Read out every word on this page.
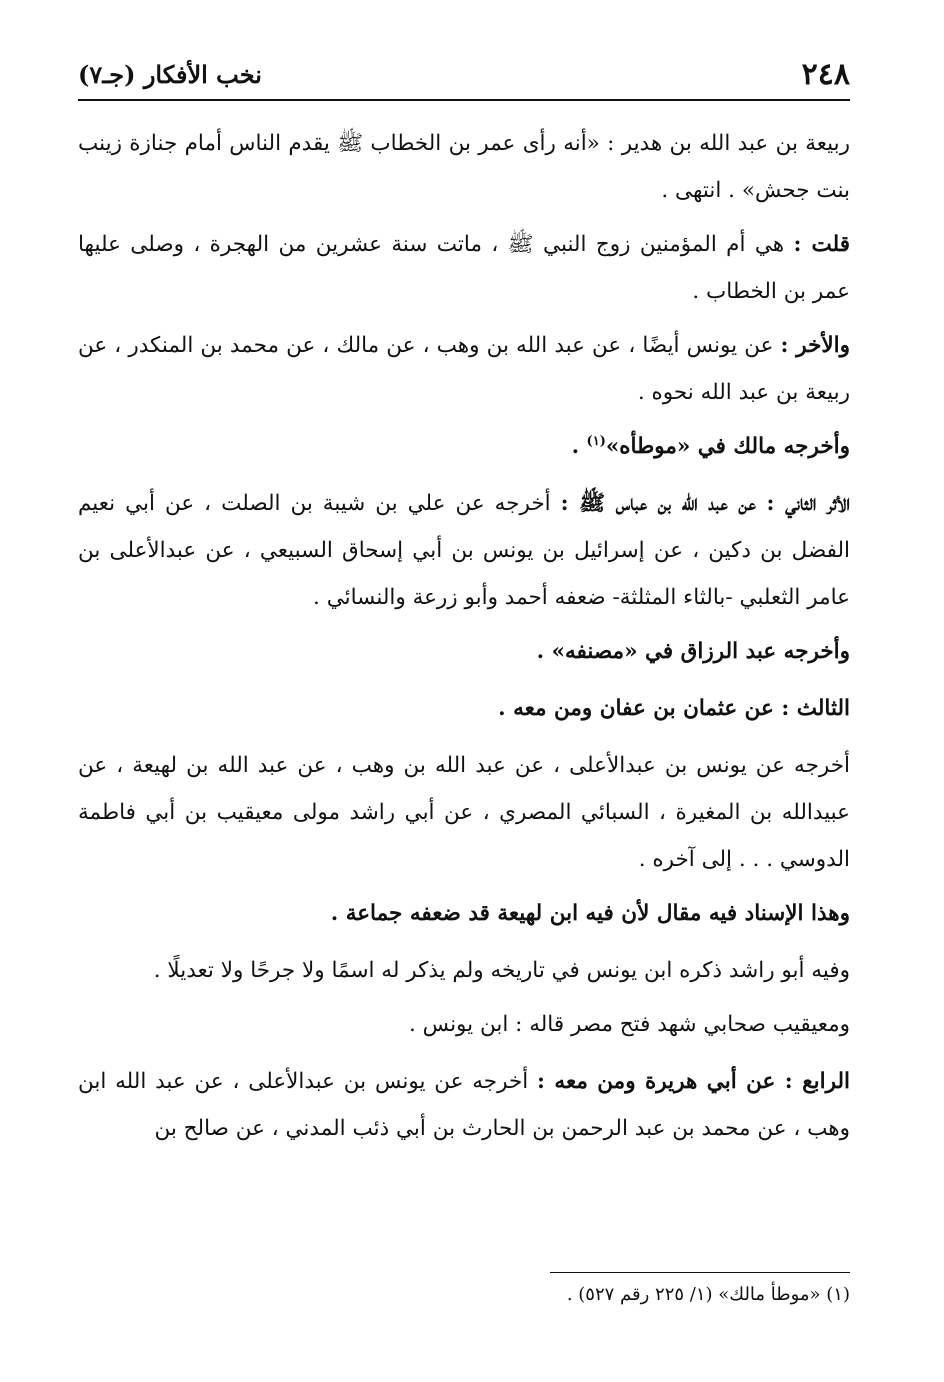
٢٤٨
نخب الأفكار (جـ٧)

ربيعة بن عبد الله بن هدير : «أنه رأى عمر بن الخطاب ﷺ يقدم الناس أمام جنازة زينب بنت جحش» . انتهى .

قلت : هي أم المؤمنين زوج النبي ﷺ ، ماتت سنة عشرين من الهجرة ، وصلى عليها عمر بن الخطاب .

والأخر : عن يونس أيضًا ، عن عبد الله بن وهب ، عن مالك ، عن محمد بن المنكدر ، عن ربيعة بن عبد الله نحوه .

وأخرجه مالك في «موطأه»$^{(١)}$ .

الأثر الثاني : عن عبد الله بن عباس ﷺ : أخرجه عن علي بن شيبة بن الصلت ، عن أبي نعيم الفضل بن دكين ، عن إسرائيل بن يونس بن أبي إسحاق السبيعي ، عن عبدالأعلى بن عامر الثعلبي -بالثاء المثلثة- ضعفه أحمد وأبو زرعة والنسائي .

وأخرجه عبد الرزاق في «مصنفه» .

الثالث : عن عثمان بن عفان ومن معه .

أخرجه عن يونس بن عبدالأعلى ، عن عبد الله بن وهب ، عن عبد الله بن لهيعة ، عن عبيدالله بن المغيرة ، السبائي المصري ، عن أبي راشد مولى معيقيب بن أبي فاطمة الدوسي . . . إلى آخره .

وهذا الإسناد فيه مقال لأن فيه ابن لهيعة قد ضعفه جماعة .

وفيه أبو راشد ذكره ابن يونس في تاريخه ولم يذكر له اسمًا ولا جرحًا ولا تعديلًا .

ومعيقيب صحابي شهد فتح مصر قاله : ابن يونس .

الرابع : عن أبي هريرة ومن معه : أخرجه عن يونس بن عبدالأعلى ، عن عبد الله ابن وهب ، عن محمد بن عبد الرحمن بن الحارث بن أبي ذئب المدني ، عن صالح بن

(١) «موطأ مالك» (١/ ٢٢٥ رقم ٥٢٧) .
